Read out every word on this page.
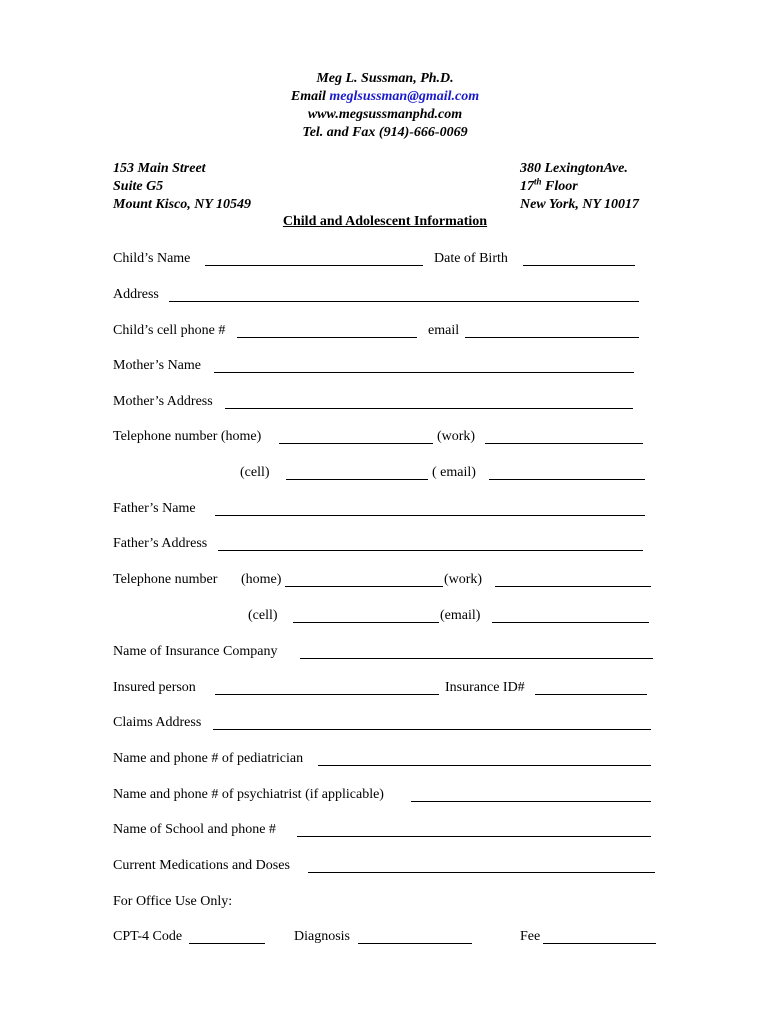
Meg L. Sussman, Ph.D.
Email meglsussman@gmail.com
www.megsussmanphd.com
Tel. and Fax (914)-666-0069
153 Main Street
Suite G5
Mount Kisco, NY 10549
380 LexingtonAve.
17th Floor
New York, NY 10017
Child and Adolescent Information
Child’s Name	Date of Birth
Address
Child’s cell phone #	email
Mother’s Name
Mother’s Address
Telephone number (home)	(work)
(cell)	( email)
Father’s Name
Father’s Address
Telephone number (home)	(work)
(cell)	(email)
Name of Insurance Company
Insured person	Insurance ID#
Claims Address
Name and phone # of pediatrician
Name and phone # of psychiatrist (if applicable)
Name of School and phone #
Current Medications and Doses
For Office Use Only:
CPT-4 Code	Diagnosis	Fee
